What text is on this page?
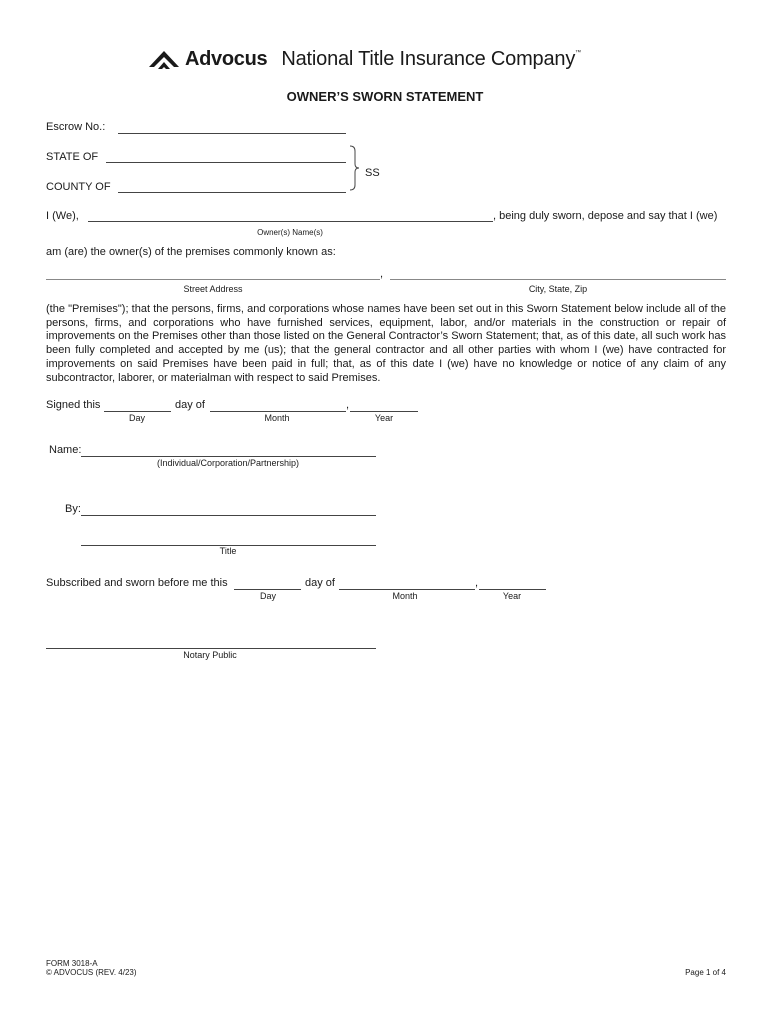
Advocus National Title Insurance Company™
OWNER’S SWORN STATEMENT
Escrow No.:
STATE OF
SS
COUNTY OF
I (We),	, being duly sworn, depose and say that I (we)
Owner(s) Name(s)
am (are) the owner(s) of the premises commonly known as:
,
Street Address	City, State, Zip
(the "Premises"); that the persons, firms, and corporations whose names have been set out in this Sworn Statement below include all of the persons, firms, and corporations who have furnished services, equipment, labor, and/or materials in the construction or repair of improvements on the Premises other than those listed on the General Contractor’s Sworn Statement; that, as of this date, all such work has been fully completed and accepted by me (us); that the general contractor and all other parties with whom I (we) have contracted for improvements on said Premises have been paid in full; that, as of this date I (we) have no knowledge or notice of any claim of any subcontractor, laborer, or materialman with respect to said Premises.
Signed this	day of	,
Day	Month	Year
Name:
(Individual/Corporation/Partnership)
By:
Title
Subscribed and sworn before me this	day of	,
Day	Month	Year
Notary Public
FORM 3018-A
© ADVOCUS (REV. 4/23)	Page 1 of 4
